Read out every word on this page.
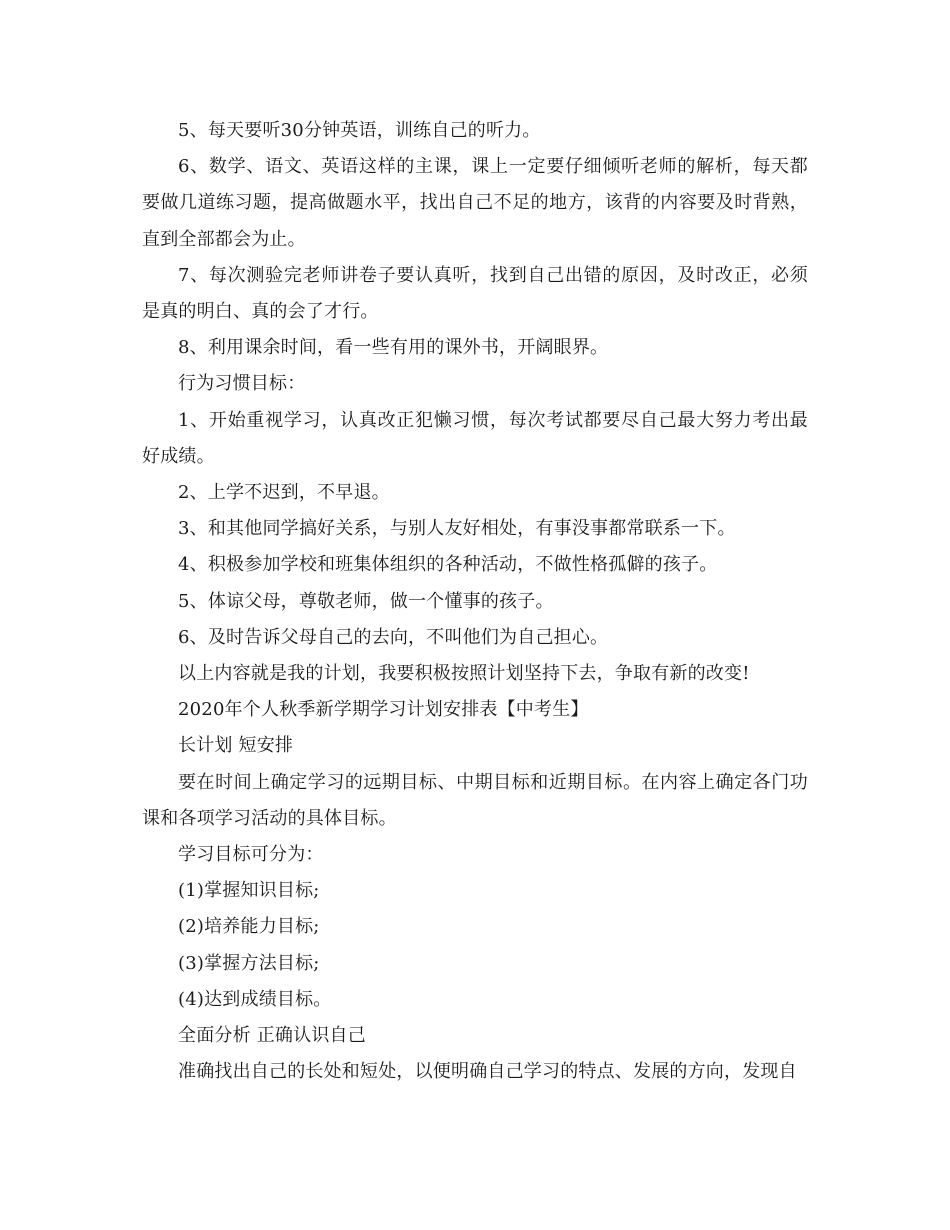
5、每天要听30分钟英语，训练自己的听力。

6、数学、语文、英语这样的主课，课上一定要仔细倾听老师的解析，每天都要做几道练习题，提高做题水平，找出自己不足的地方，该背的内容要及时背熟，直到全部都会为止。

7、每次测验完老师讲卷子要认真听，找到自己出错的原因，及时改正，必须是真的明白、真的会了才行。

8、利用课余时间，看一些有用的课外书，开阔眼界。

行为习惯目标：

1、开始重视学习，认真改正犯懒习惯，每次考试都要尽自己最大努力考出最好成绩。

2、上学不迟到，不早退。

3、和其他同学搞好关系，与别人友好相处，有事没事都常联系一下。

4、积极参加学校和班集体组织的各种活动，不做性格孤僻的孩子。

5、体谅父母，尊敬老师，做一个懂事的孩子。

6、及时告诉父母自己的去向，不叫他们为自己担心。

以上内容就是我的计划，我要积极按照计划坚持下去，争取有新的改变!

2020年个人秋季新学期学习计划安排表【中考生】

长计划 短安排

要在时间上确定学习的远期目标、中期目标和近期目标。在内容上确定各门功课和各项学习活动的具体目标。

学习目标可分为：

(1)掌握知识目标;

(2)培养能力目标;

(3)掌握方法目标;

(4)达到成绩目标。

全面分析 正确认识自己

准确找出自己的长处和短处，以便明确自己学习的特点、发展的方向，发现自
